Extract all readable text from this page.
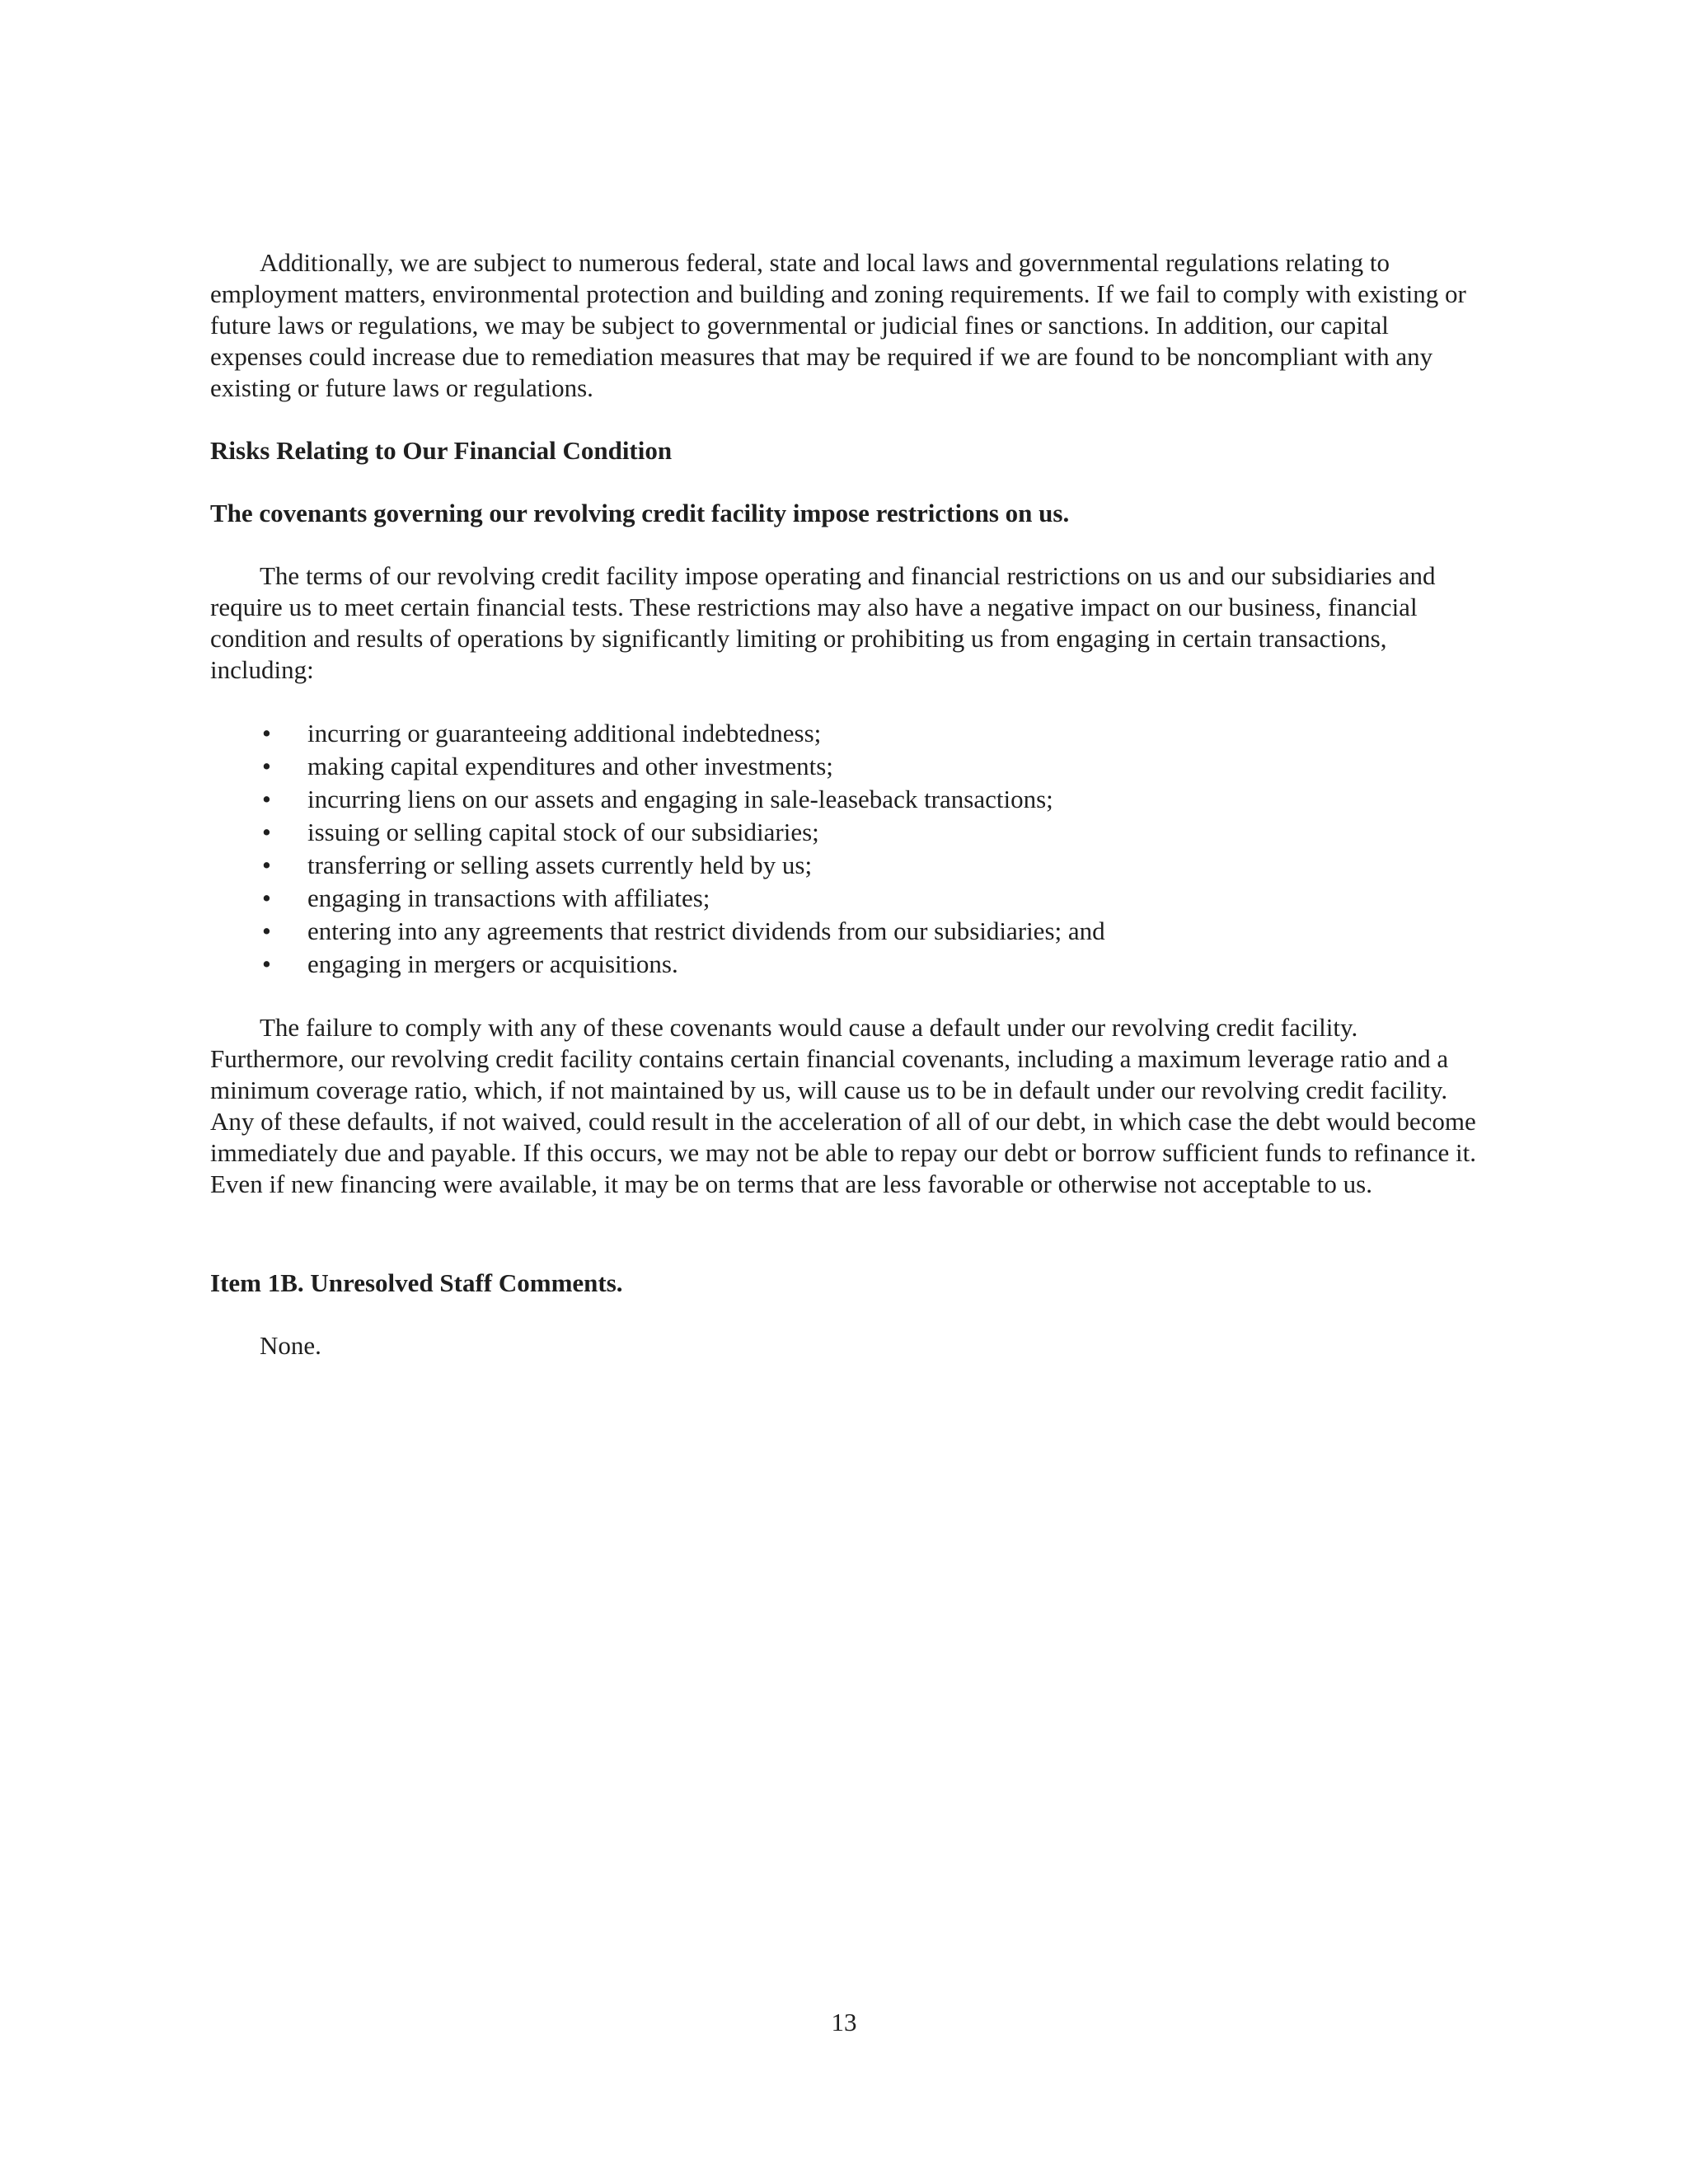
Additionally, we are subject to numerous federal, state and local laws and governmental regulations relating to employment matters, environmental protection and building and zoning requirements. If we fail to comply with existing or future laws or regulations, we may be subject to governmental or judicial fines or sanctions. In addition, our capital expenses could increase due to remediation measures that may be required if we are found to be noncompliant with any existing or future laws or regulations.

Risks Relating to Our Financial Condition

The covenants governing our revolving credit facility impose restrictions on us.

The terms of our revolving credit facility impose operating and financial restrictions on us and our subsidiaries and require us to meet certain financial tests. These restrictions may also have a negative impact on our business, financial condition and results of operations by significantly limiting or prohibiting us from engaging in certain transactions, including:

• incurring or guaranteeing additional indebtedness;
• making capital expenditures and other investments;
• incurring liens on our assets and engaging in sale-leaseback transactions;
• issuing or selling capital stock of our subsidiaries;
• transferring or selling assets currently held by us;
• engaging in transactions with affiliates;
• entering into any agreements that restrict dividends from our subsidiaries; and
• engaging in mergers or acquisitions.

The failure to comply with any of these covenants would cause a default under our revolving credit facility. Furthermore, our revolving credit facility contains certain financial covenants, including a maximum leverage ratio and a minimum coverage ratio, which, if not maintained by us, will cause us to be in default under our revolving credit facility. Any of these defaults, if not waived, could result in the acceleration of all of our debt, in which case the debt would become immediately due and payable. If this occurs, we may not be able to repay our debt or borrow sufficient funds to refinance it. Even if new financing were available, it may be on terms that are less favorable or otherwise not acceptable to us.

Item 1B. Unresolved Staff Comments.

None.

13
